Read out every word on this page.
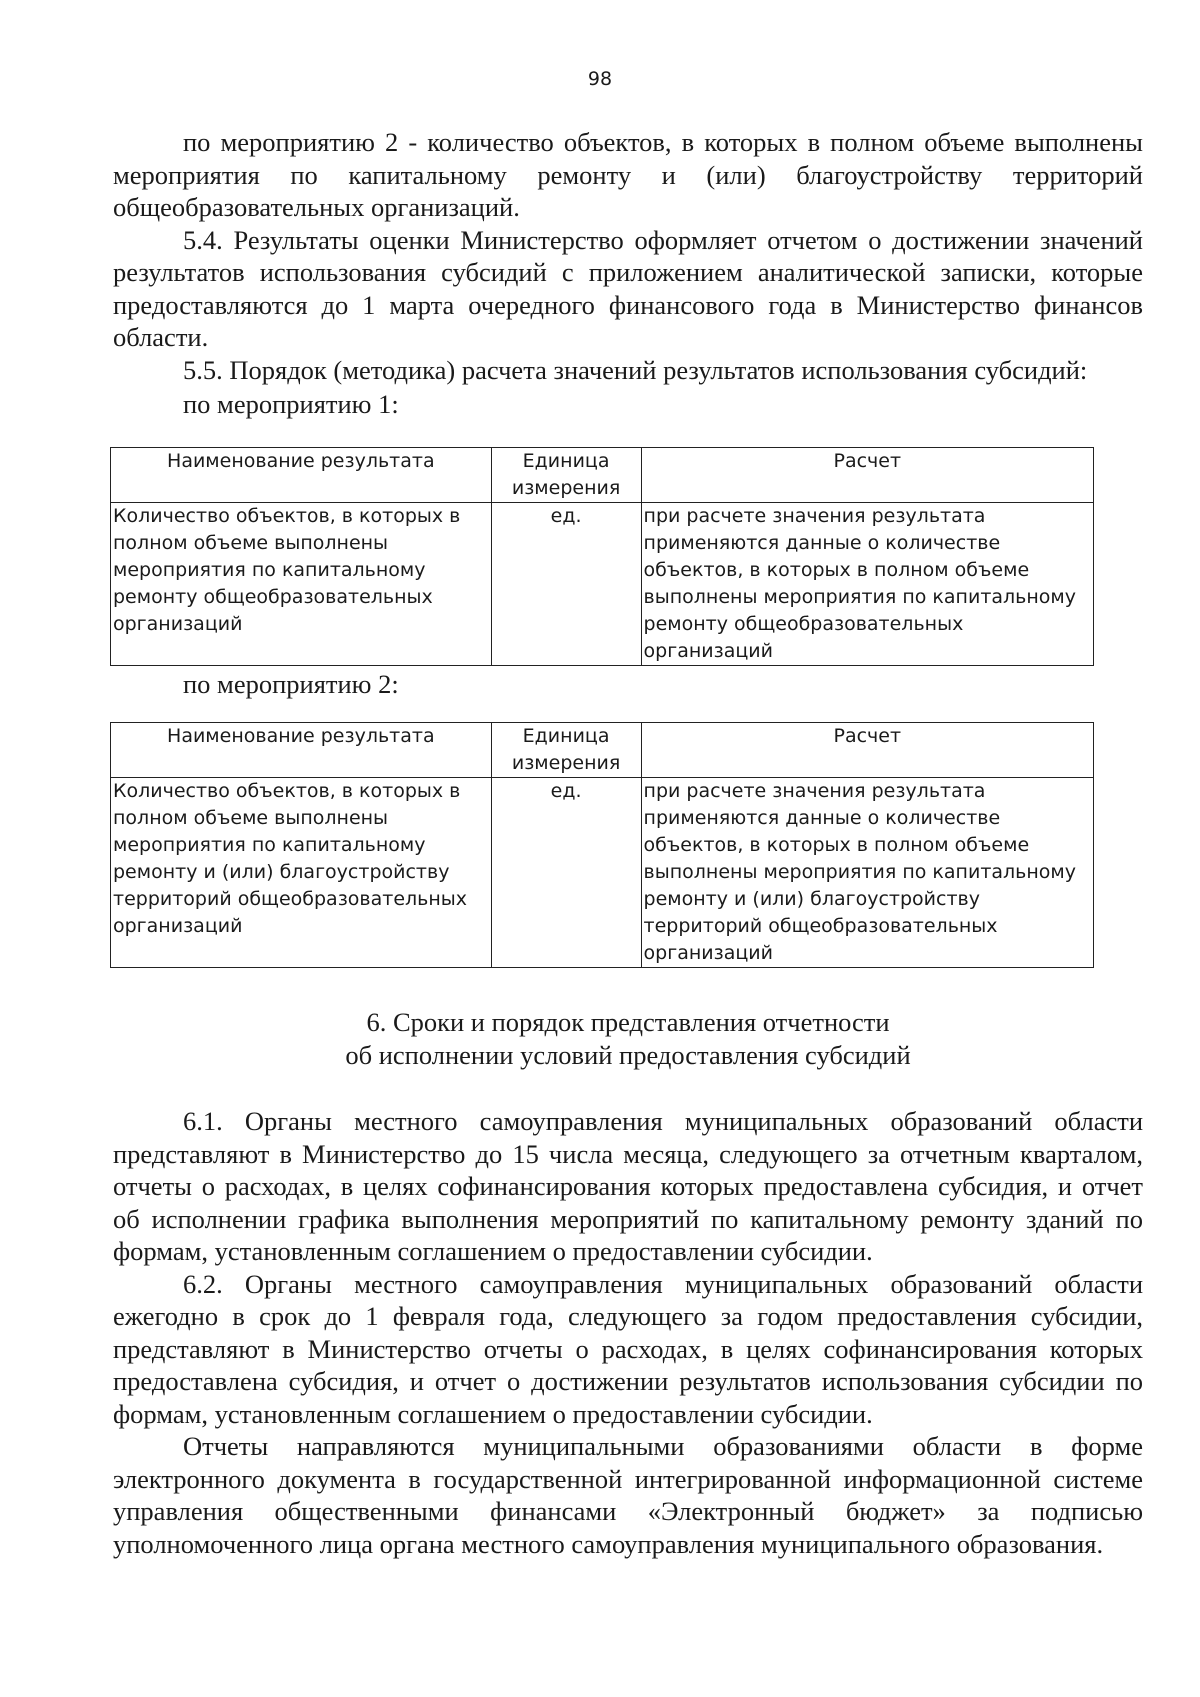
98

по мероприятию 2 - количество объектов, в которых в полном объеме выполнены мероприятия по капитальному ремонту и (или) благоустройству территорий общеобразовательных организаций.

5.4. Результаты оценки Министерство оформляет отчетом о достижении значений результатов использования субсидий с приложением аналитической записки, которые предоставляются до 1 марта очередного финансового года в Министерство финансов области.

5.5. Порядок (методика) расчета значений результатов использования субсидий:

по мероприятию 1:

Наименование результата	Единица измерения	Расчет
Количество объектов, в которых в полном объеме выполнены мероприятия по капитальному ремонту общеобразовательных организаций	ед.	при расчете значения результата применяются данные о количестве объектов, в которых в полном объеме выполнены мероприятия по капитальному ремонту общеобразовательных организаций

по мероприятию 2:

Наименование результата	Единица измерения	Расчет
Количество объектов, в которых в полном объеме выполнены мероприятия по капитальному ремонту и (или) благоустройству территорий общеобразовательных организаций	ед.	при расчете значения результата применяются данные о количестве объектов, в которых в полном объеме выполнены мероприятия по капитальному ремонту и (или) благоустройству территорий общеобразовательных организаций
6. Сроки и порядок представления отчетности
об исполнении условий предоставления субсидий

6.1. Органы местного самоуправления муниципальных образований области представляют в Министерство до 15 числа месяца, следующего за отчетным кварталом, отчеты о расходах, в целях софинансирования которых предоставлена субсидия, и отчет об исполнении графика выполнения мероприятий по капитальному ремонту зданий по формам, установленным соглашением о предоставлении субсидии.

6.2. Органы местного самоуправления муниципальных образований области ежегодно в срок до 1 февраля года, следующего за годом предоставления субсидии, представляют в Министерство отчеты о расходах, в целях софинансирования которых предоставлена субсидия, и отчет о достижении результатов использования субсидии по формам, установленным соглашением о предоставлении субсидии.

Отчеты направляются муниципальными образованиями области в форме электронного документа в государственной интегрированной информационной системе управления общественными финансами «Электронный бюджет» за подписью уполномоченного лица органа местного самоуправления муниципального образования.
